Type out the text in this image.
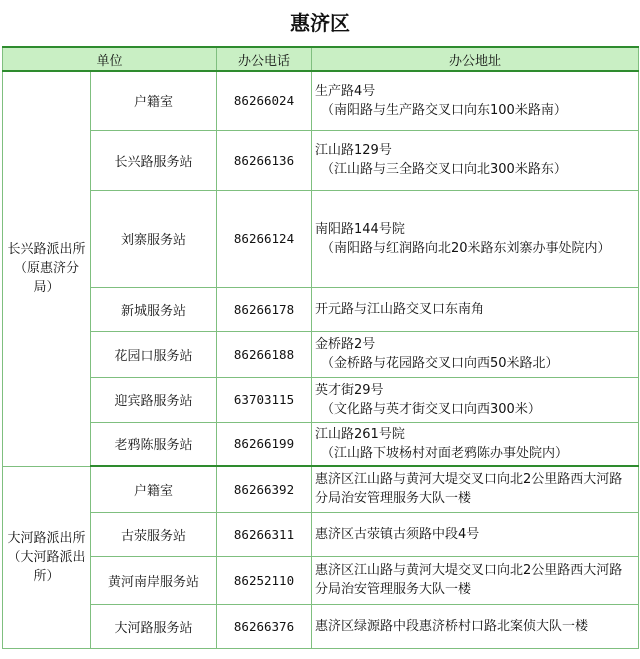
惠济区
单位		办公电话	办公地址
长兴路派出所（原惠济分局）	户籍室	86266024	生产路4号
（南阳路与生产路交叉口向东100米路南）

	长兴路服务站	86266136	江山路129号
（江山路与三全路交叉口向北300米路东）

	刘寨服务站	86266124	南阳路144号院
（南阳路与红润路向北20米路东刘寨办事处院内）

	新城服务站	86266178	开元路与江山路交叉口东南角
	花园口服务站	86266188	金桥路2号
（金桥路与花园路交叉口向西50米路北）

	迎宾路服务站	63703115	英才街29号
（文化路与英才街交叉口向西300米）

	老鸦陈服务站	86266199	江山路261号院
（江山路下坡杨村对面老鸦陈办事处院内）

大河路派出所（大河路派出所）	户籍室	86266392	惠济区江山路与黄河大堤交叉口向北2公里路西大河路分局治安管理服务大队一楼
	古荥服务站	86266311	惠济区古荥镇古须路中段4号
	黄河南岸服务站	86252110	惠济区江山路与黄河大堤交叉口向北2公里路西大河路分局治安管理服务大队一楼
	大河路服务站	86266376	惠济区绿源路中段惠济桥村口路北案侦大队一楼
